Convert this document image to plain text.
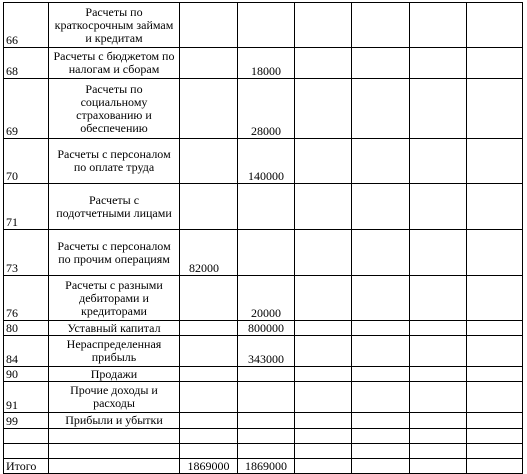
66	Расчеты по краткосрочным займам и кредитам						
68	Расчеты с бюджетом по налогам и сборам		18000				
69	Расчеты по социальному страхованию и обеспечению		28000				
70	Расчеты с персоналом по оплате труда		140000				
71	Расчеты с подотчетными лицами						
73	Расчеты с персоналом по прочим операциям	82000					
76	Расчеты с разными дебиторами и кредиторами		20000				
80	Уставный капитал		800000				
84	Нераспределенная прибыль		343000				
90	Продажи						
91	Прочие доходы и расходы						
99	Прибыли и убытки						

Итого		1869000	1869000				
